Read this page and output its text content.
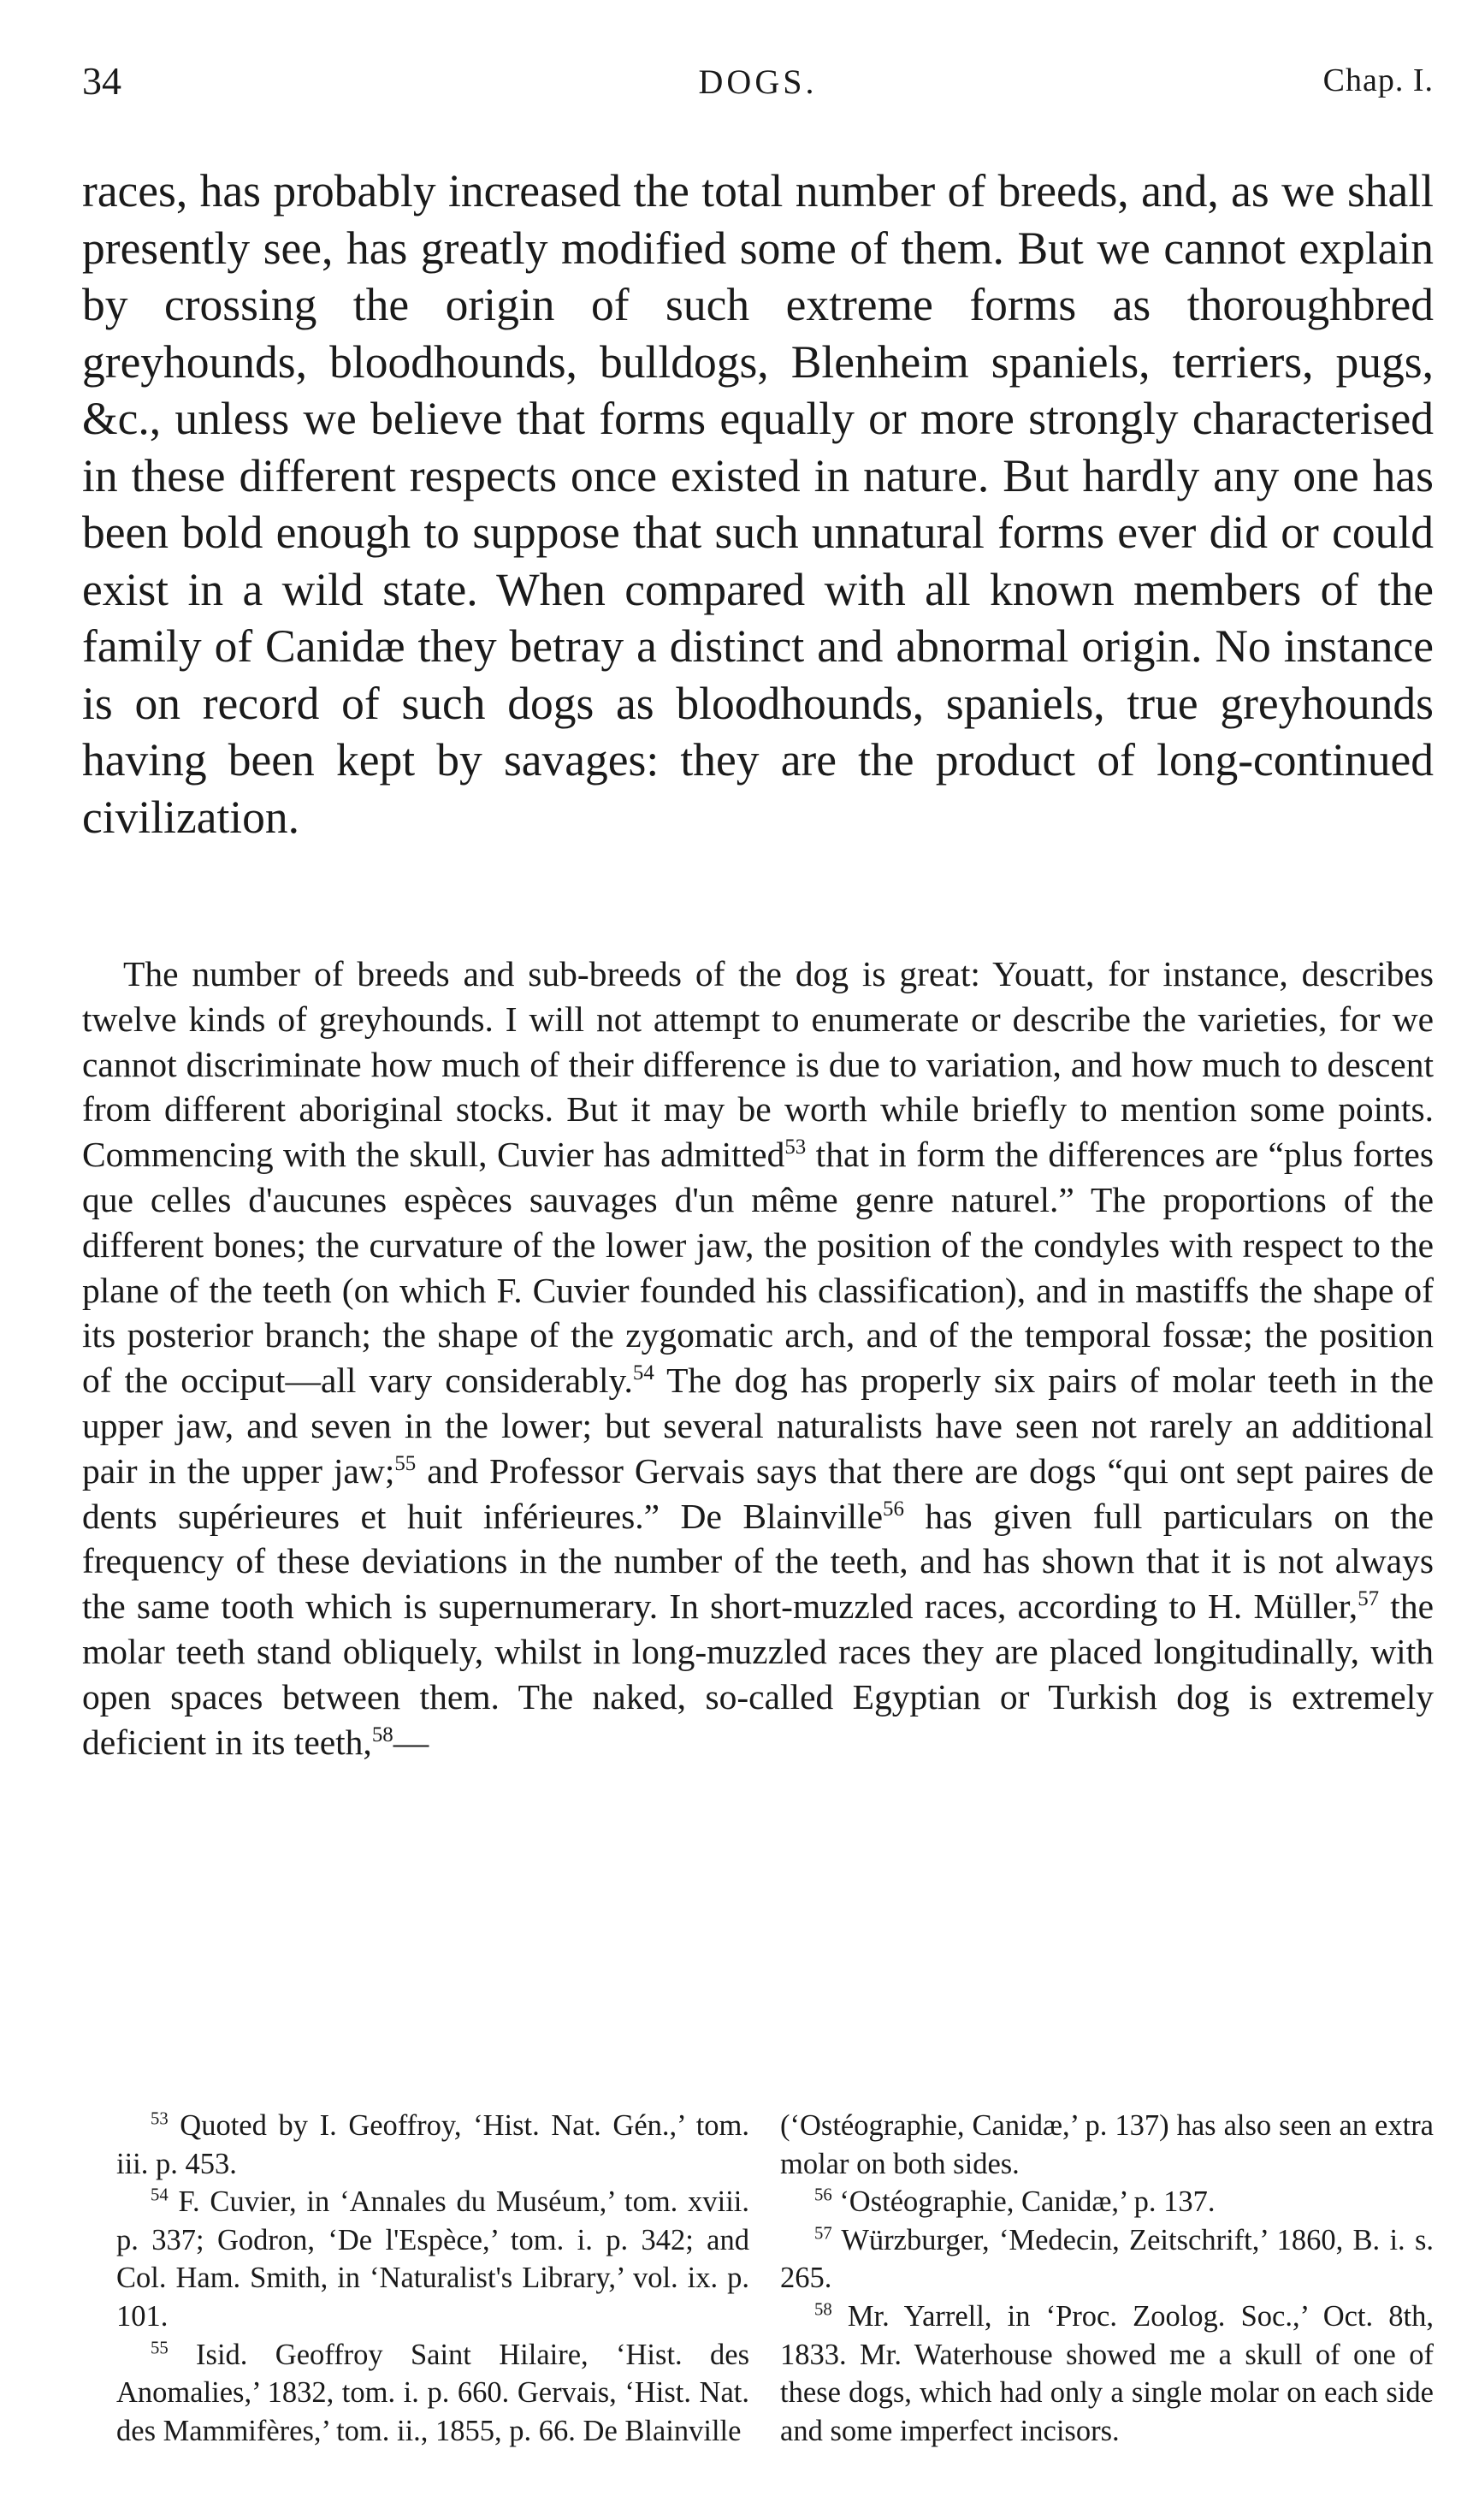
34	DOGS.	Chap. I.

races, has probably increased the total number of breeds, and, as we shall presently see, has greatly modified some of them. But we cannot explain by crossing the origin of such extreme forms as thoroughbred greyhounds, bloodhounds, bulldogs, Blenheim spaniels, terriers, pugs, &c., unless we believe that forms equally or more strongly characterised in these different respects once existed in nature. But hardly any one has been bold enough to suppose that such unnatural forms ever did or could exist in a wild state. When compared with all known members of the family of Canidæ they betray a distinct and abnormal origin. No instance is on record of such dogs as bloodhounds, spaniels, true greyhounds having been kept by savages: they are the product of long-continued civilization.

The number of breeds and sub-breeds of the dog is great: Youatt, for instance, describes twelve kinds of greyhounds. I will not attempt to enumerate or describe the varieties, for we cannot discriminate how much of their difference is due to variation, and how much to descent from different aboriginal stocks. But it may be worth while briefly to mention some points. Commencing with the skull, Cuvier has admitted$^{53}$ that in form the differences are “plus fortes que celles d'aucunes espèces sauvages d'un même genre naturel.” The proportions of the different bones; the curvature of the lower jaw, the position of the condyles with respect to the plane of the teeth (on which F. Cuvier founded his classification), and in mastiffs the shape of its posterior branch; the shape of the zygomatic arch, and of the temporal fossæ; the position of the occiput—all vary considerably.$^{54}$ The dog has properly six pairs of molar teeth in the upper jaw, and seven in the lower; but several naturalists have seen not rarely an additional pair in the upper jaw;$^{55}$ and Professor Gervais says that there are dogs “qui ont sept paires de dents supérieures et huit inférieures.” De Blainville$^{56}$ has given full particulars on the frequency of these deviations in the number of the teeth, and has shown that it is not always the same tooth which is supernumerary. In short-muzzled races, according to H. Müller,$^{57}$ the molar teeth stand obliquely, whilst in long-muzzled races they are placed longitudinally, with open spaces between them. The naked, so-called Egyptian or Turkish dog is extremely deficient in its teeth,$^{58}$—

$^{53}$ Quoted by I. Geoffroy, ‘Hist. Nat. Gén.,’ tom. iii. p. 453.

$^{54}$ F. Cuvier, in ‘Annales du Muséum,’ tom. xviii. p. 337; Godron, ‘De l'Espèce,’ tom. i. p. 342; and Col. Ham. Smith, in ‘Naturalist's Library,’ vol. ix. p. 101.

$^{55}$ Isid. Geoffroy Saint Hilaire, ‘Hist. des Anomalies,’ 1832, tom. i. p. 660. Gervais, ‘Hist. Nat. des Mammifères,’ tom. ii., 1855, p. 66. De Blainville

(‘Ostéographie, Canidæ,’ p. 137) has also seen an extra molar on both sides.

$^{56}$ ‘Ostéographie, Canidæ,’ p. 137.

$^{57}$ Würzburger, ‘Medecin, Zeitschrift,’ 1860, B. i. s. 265.

$^{58}$ Mr. Yarrell, in ‘Proc. Zoolog. Soc.,’ Oct. 8th, 1833. Mr. Waterhouse showed me a skull of one of these dogs, which had only a single molar on each side and some imperfect incisors.
